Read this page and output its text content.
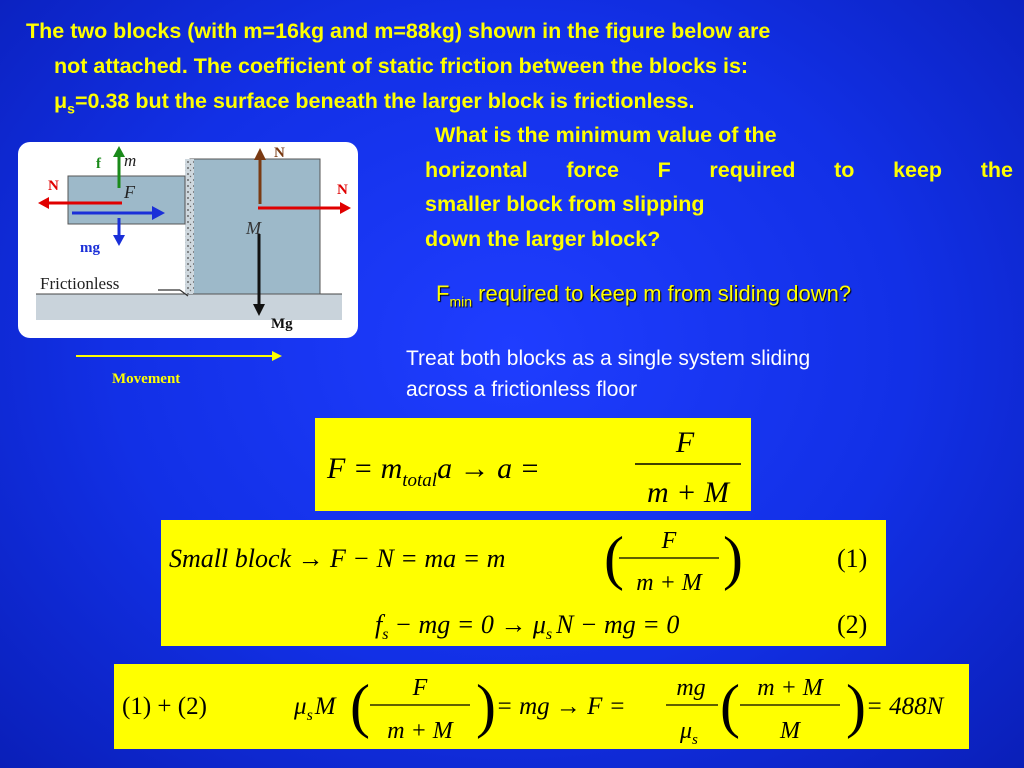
The two blocks (with m=16kg and m=88kg) shown in the figure below are
not attached. The coefficient of static friction between the blocks is:
$\mu_s=0.38$ but the surface beneath the larger block is frictionless.
What is the minimum value of the
horizontal force F required to keep the
smaller block from slipping
down the larger block?
$F_{min}$ required to keep m from sliding down?
Treat both blocks as a single system sliding
across a frictionless floor
Frictionless
N	N
f m
F
mg
M
N
Mg
Movement
$F = m_{total}a \to a$ =
F
m + M
Small block → F − N = ma = m ( F
m + M )	(1)
$f_s$ − mg = $0 \to \mu_s$ N − mg = 0	(2)
(1) + (2)	$\mu_sM$ ( F
m + M ) = mg → F =
mg
$\mu_s$
( m + M
M ) = 488N
